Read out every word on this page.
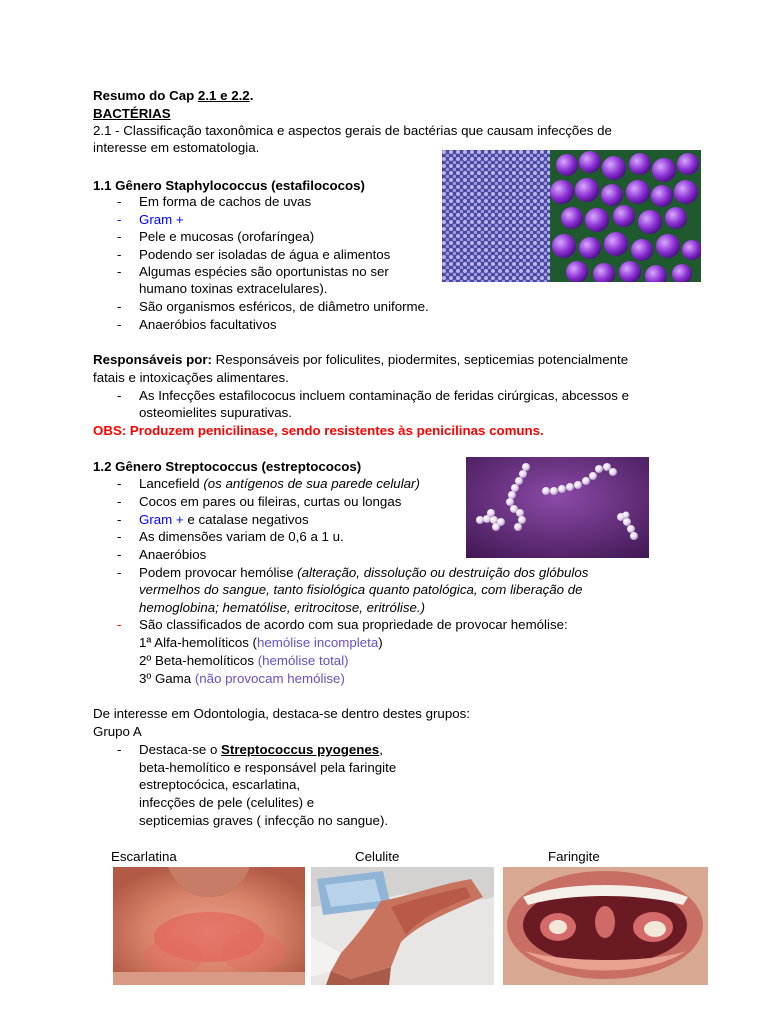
Resumo do Cap 2.1 e 2.2.
BACTÉRIAS
2.1 - Classificação taxonômica e aspectos gerais de bactérias que causam infecções de
interesse em estomatologia.
1.1 Gênero Staphylococcus (estafilococos)
- Em forma de cachos de uvas
- Gram +
- Pele e mucosas (orofaríngea)
- Podendo ser isoladas de água e alimentos
- Algumas espécies são oportunistas no ser
humano toxinas extracelulares).
- São organismos esféricos, de diâmetro uniforme.
- Anaeróbios facultativos
Responsáveis por: Responsáveis por foliculites, piodermites, septicemias potencialmente
fatais e intoxicações alimentares.
- As Infecções estafilococus incluem contaminação de feridas cirúrgicas, abcessos e
osteomielites supurativas.
OBS: Produzem penicilinase, sendo resistentes às penicilinas comuns.
1.2 Gênero Streptococcus (estreptococos)
- Lancefield (os antígenos de sua parede celular)
- Cocos em pares ou fileiras, curtas ou longas
- Gram + e catalase negativos
- As dimensões variam de 0,6 a 1 u.
- Anaeróbios
- Podem provocar hemólise (alteração, dissolução ou destruição dos glóbulos
vermelhos do sangue, tanto fisiológica quanto patológica, com liberação de
hemoglobina; hematólise, eritrocitose, eritrólise.)
- São classificados de acordo com sua propriedade de provocar hemólise:
1ª Alfa-hemolíticos (hemólise incompleta)
2º Beta-hemolíticos (hemólise total)
3º Gama (não provocam hemólise)
De interesse em Odontologia, destaca-se dentro destes grupos:
Grupo A
- Destaca-se o Streptococcus pyogenes,
beta-hemolítico e responsável pela faringite
estreptocócica, escarlatina,
infecções de pele (celulites) e
septicemias graves ( infecção no sangue).
Escarlatina	Celulite	Faringite
